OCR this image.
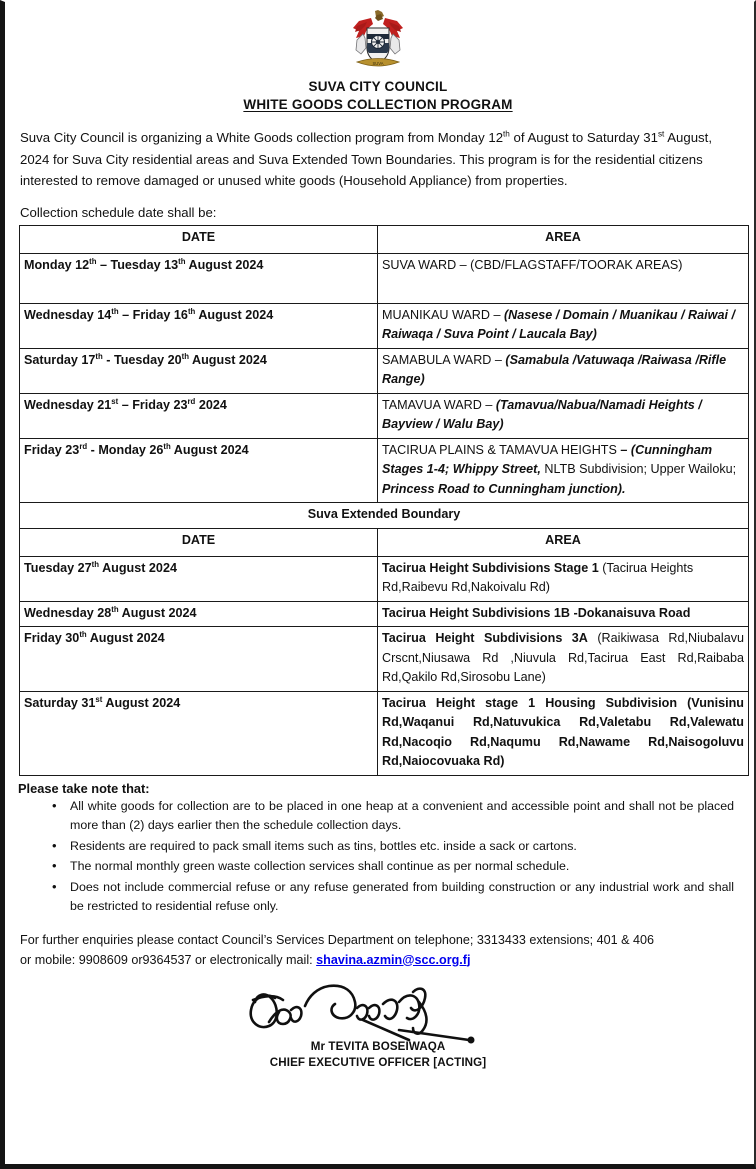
SUVA
SUVA CITY COUNCIL
WHITE GOODS COLLECTION PROGRAM

Suva City Council is organizing a White Goods collection program from Monday 12th of August to Saturday 31st August, 2024 for Suva City residential areas and Suva Extended Town Boundaries. This program is for the residential citizens interested to remove damaged or unused white goods (Household Appliance) from properties.

Collection schedule date shall be:
DATE	AREA
Monday 12th – Tuesday 13th August 2024	SUVA WARD – (CBD/FLAGSTAFF/TOORAK AREAS)
Wednesday 14th – Friday 16th August 2024	MUANIKAU WARD – (Nasese / Domain / Muanikau / Raiwai / Raiwaqa / Suva Point / Laucala Bay)
Saturday 17th - Tuesday 20th August 2024	SAMABULA WARD – (Samabula /Vatuwaqa /Raiwasa /Rifle Range)
Wednesday 21st – Friday 23rd 2024	TAMAVUA WARD – (Tamavua/Nabua/Namadi Heights / Bayview / Walu Bay)
Friday 23rd - Monday 26th August 2024	TACIRUA PLAINS & TAMAVUA HEIGHTS – (Cunningham Stages 1-4; Whippy Street, NLTB Subdivision; Upper Wailoku; Princess Road to Cunningham junction).
Suva Extended Boundary	
DATE	AREA
Tuesday 27th August 2024	Tacirua Height Subdivisions Stage 1 (Tacirua Heights Rd,Raibevu Rd,Nakoivalu Rd)
Wednesday 28th August 2024	Tacirua Height Subdivisions 1B -Dokanaisuva Road
Friday 30th August 2024	Tacirua Height Subdivisions 3A (Raikiwasa Rd,Niubalavu Crscnt,Niusawa Rd ,Niuvula Rd,Tacirua East Rd,Raibaba Rd,Qakilo Rd,Sirosobu Lane)
Saturday 31st August 2024	Tacirua Height stage 1 Housing Subdivision (Vunisinu Rd,Waqanui Rd,Natuvukica Rd,Valetabu Rd,Valewatu Rd,Nacoqio Rd,Naqumu Rd,Nawame Rd,Naisogoluvu Rd,Naiocovuaka Rd)
Please take note that:
• All white goods for collection are to be placed in one heap at a convenient and accessible point and shall not be placed more than (2) days earlier then the schedule collection days.
• Residents are required to pack small items such as tins, bottles etc. inside a sack or cartons.
• The normal monthly green waste collection services shall continue as per normal schedule.
• Does not include commercial refuse or any refuse generated from building construction or any industrial work and shall be restricted to residential refuse only.
For further enquiries please contact Council’s Services Department on telephone; 3313433 extensions; 401 & 406
or mobile: 9908609 or9364537 or electronically mail: shavina.azmin@scc.org.fj
Mr TEVITA BOSEIWAQA
CHIEF EXECUTIVE OFFICER [ACTING]
